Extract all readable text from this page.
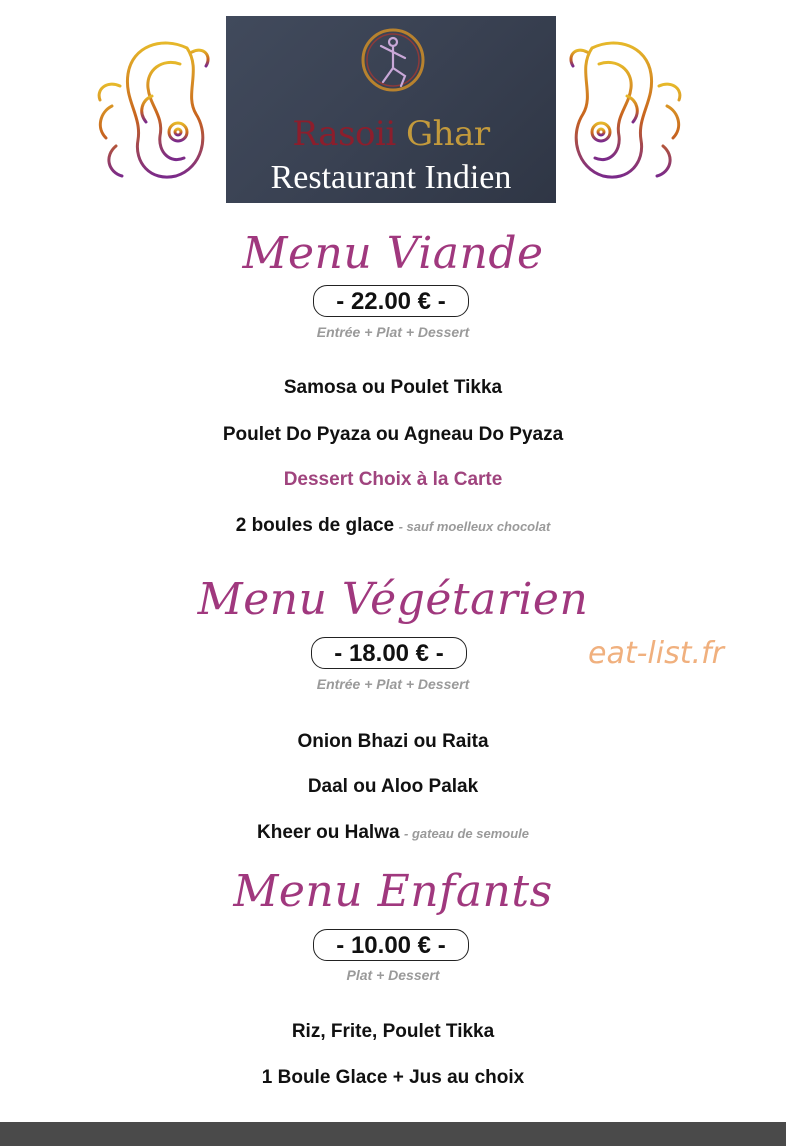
Rasoii Ghar
Restaurant Indien
Menu Viande
- 22.00 € -
Entrée + Plat + Dessert
Samosa ou Poulet Tikka
Poulet Do Pyaza ou Agneau Do Pyaza
Dessert Choix à la Carte
2 boules de glace - sauf moelleux chocolat
Menu Végétarien
- 18.00 € -
Entrée + Plat + Dessert
Onion Bhazi ou Raita
Daal ou Aloo Palak
Kheer ou Halwa - gateau de semoule
eat-list.fr
Menu Enfants
- 10.00 € -
Plat + Dessert
Riz, Frite, Poulet Tikka
1 Boule Glace + Jus au choix
